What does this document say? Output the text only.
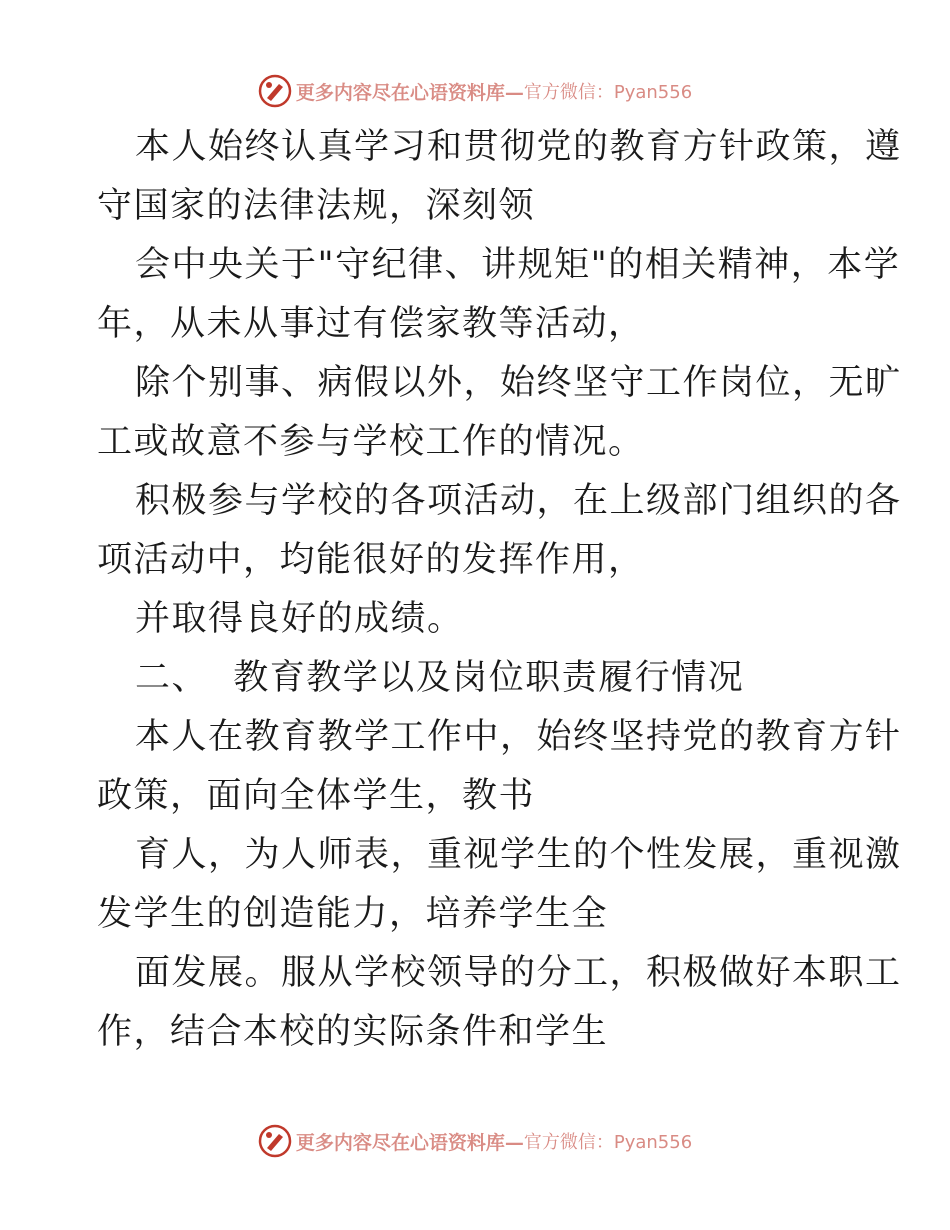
更多内容尽在心语资料库— 官方微信：Pyan556
本人始终认真学习和贯彻党的教育方针政策，遵
守国家的法律法规，深刻领
会中央关于"守纪律、讲规矩"的相关精神，本学
年，从未从事过有偿家教等活动，
除个别事、病假以外，始终坚守工作岗位，无旷
工或故意不参与学校工作的情况。
积极参与学校的各项活动，在上级部门组织的各
项活动中，均能很好的发挥作用，
并取得良好的成绩。
二、  教育教学以及岗位职责履行情况
本人在教育教学工作中，始终坚持党的教育方针
政策，面向全体学生，教书
育人，为人师表，重视学生的个性发展，重视激
发学生的创造能力，培养学生全
面发展。服从学校领导的分工，积极做好本职工
作，结合本校的实际条件和学生
更多内容尽在心语资料库— 官方微信：Pyan556
